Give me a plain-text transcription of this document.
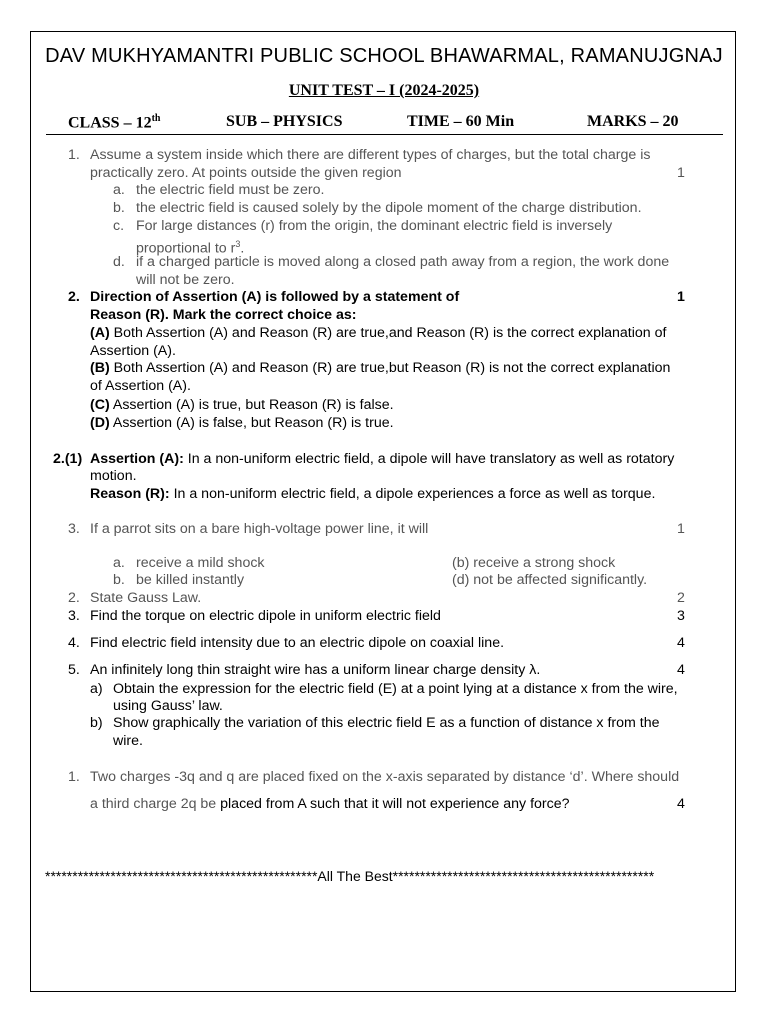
DAV MUKHYAMANTRI PUBLIC SCHOOL BHAWARMAL, RAMANUJGNAJ
UNIT TEST – I (2024-2025)
CLASS – 12th	SUB – PHYSICS	TIME – 60 Min	MARKS – 20
1. Assume a system inside which there are different types of charges, but the total charge is
practically zero. At points outside the given region	1
a. the electric field must be zero.
b. the electric field is caused solely by the dipole moment of the charge distribution.
c. For large distances (r) from the origin, the dominant electric field is inversely
proportional to $r^3$.
d. if a charged particle is moved along a closed path away from a region, the work done
will not be zero.
2. Direction of Assertion (A) is followed by a statement of	1
Reason (R). Mark the correct choice as:
(A) Both Assertion (A) and Reason (R) are true,and Reason (R) is the correct explanation of
Assertion (A).
(B) Both Assertion (A) and Reason (R) are true,but Reason (R) is not the correct explanation
of Assertion (A).
(C) Assertion (A) is true, but Reason (R) is false.
(D) Assertion (A) is false, but Reason (R) is true.
2.(1) Assertion (A): In a non-uniform electric field, a dipole will have translatory as well as rotatory
motion.
Reason (R): In a non-uniform electric field, a dipole experiences a force as well as torque.
3. If a parrot sits on a bare high-voltage power line, it will	1
a. receive a mild shock	(b) receive a strong shock
b. be killed instantly	(d) not be affected significantly.
2. State Gauss Law.	2
3. Find the torque on electric dipole in uniform electric field	3
4. Find electric field intensity due to an electric dipole on coaxial line.	4
5. An infinitely long thin straight wire has a uniform linear charge density λ.	4
a) Obtain the expression for the electric field (E) at a point lying at a distance x from the wire,
using Gauss’ law.
b) Show graphically the variation of this electric field E as a function of distance x from the
wire.
1. Two charges -3q and q are placed fixed on the x-axis separated by distance ‘d’. Where should
a third charge 2q be placed from A such that it will not experience any force?	4
**************************************************All The Best************************************************
